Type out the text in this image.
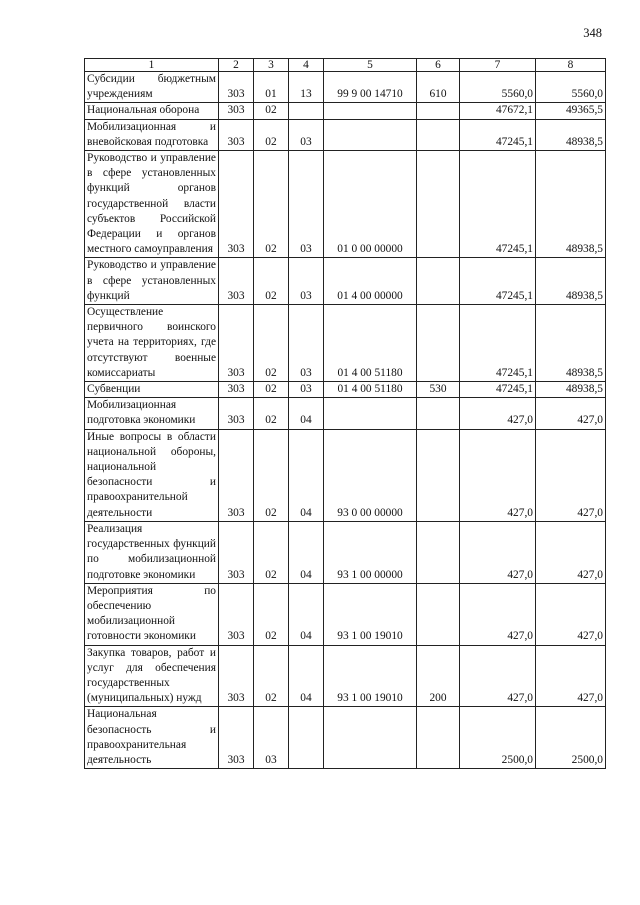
348
1	2	3	4	5	6	7	8
Субсидии бюджетным учреждениям	303	01	13	99 9 00 14710	610	5560,0	5560,0
Национальная оборона	303	02				47672,1	49365,5
Мобилизационная и вневойсковая подготовка	303	02	03			47245,1	48938,5
Руководство и управление в сфере установленных функций органов государственной власти субъектов Российской Федерации и органов местного самоуправления	303	02	03	01 0 00 00000		47245,1	48938,5
Руководство и управление в сфере установленных функций	303	02	03	01 4 00 00000		47245,1	48938,5
Осуществление первичного воинского учета на территориях, где отсутствуют военные комиссариаты	303	02	03	01 4 00 51180		47245,1	48938,5
Субвенции	303	02	03	01 4 00 51180	530	47245,1	48938,5
Мобилизационная подготовка экономики	303	02	04			427,0	427,0
Иные вопросы в области национальной обороны, национальной безопасности и правоохранительной деятельности	303	02	04	93 0 00 00000		427,0	427,0
Реализация государственных функций по мобилизационной подготовке экономики	303	02	04	93 1 00 00000		427,0	427,0
Мероприятия по обеспечению мобилизационной готовности экономики	303	02	04	93 1 00 19010		427,0	427,0
Закупка товаров, работ и услуг для обеспечения государственных (муниципальных) нужд	303	02	04	93 1 00 19010	200	427,0	427,0
Национальная безопасность и правоохранительная деятельность	303	03				2500,0	2500,0
